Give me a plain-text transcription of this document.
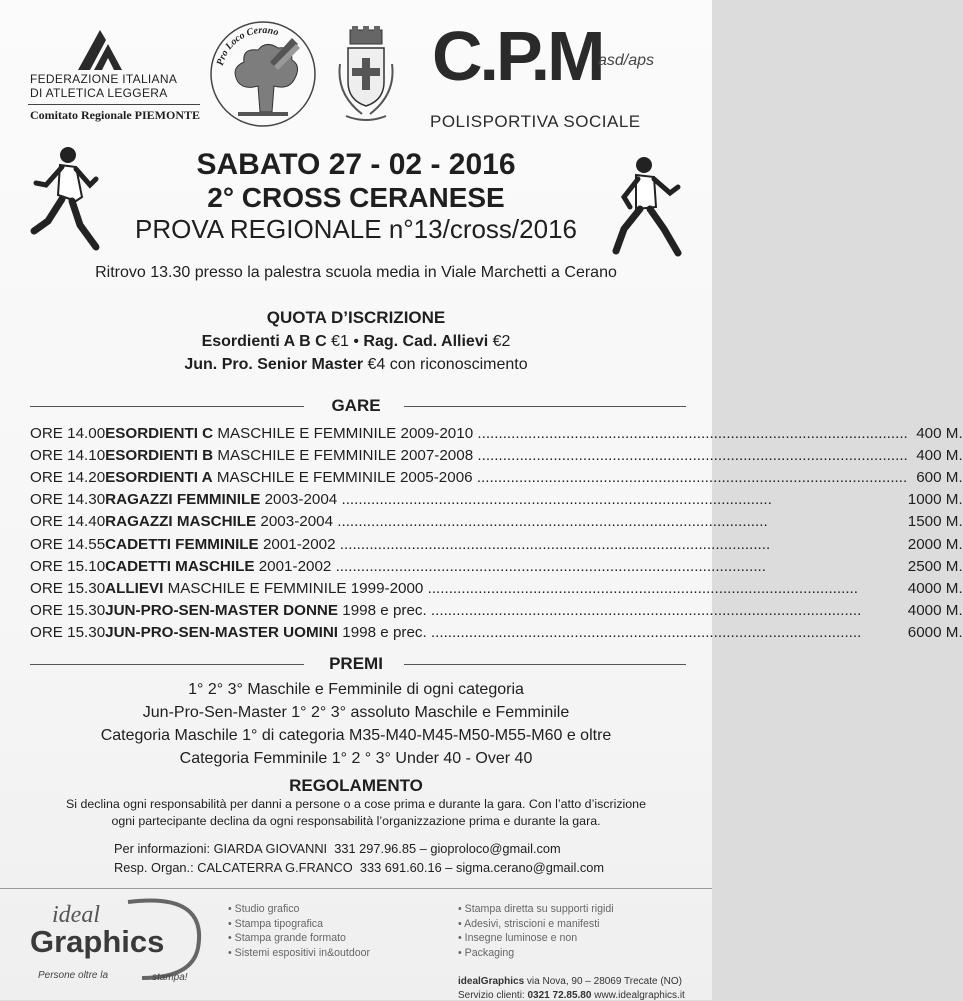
FEDERAZIONE ITALIANA
DI ATLETICA LEGGERA
Comitato Regionale PIEMONTE
Pro Loco Cerano C.P.M
asd/aps
POLISPORTIVA SOCIALE
SABATO 27 - 02 - 2016
2° CROSS CERANESE
PROVA REGIONALE n°13/cross/2016
Ritrovo 13.30 presso la palestra scuola media in Viale Marchetti a Cerano
QUOTA D’ISCRIZIONE
Esordienti A B C €1 • Rag. Cad. Allievi €2
Jun. Pro. Senior Master €4 con riconoscimento
GARE
ORE 14.00	ESORDIENTI C MASCHILE E FEMMINILE 2009-2010 .....	400 M.
ORE 14.10	ESORDIENTI B MASCHILE E FEMMINILE 2007-2008 .....	400 M.
ORE 14.20	ESORDIENTI A MASCHILE E FEMMINILE 2005-2006 .....	600 M.
ORE 14.30	RAGAZZI FEMMINILE 2003-2004 .....	1000 M.
ORE 14.40	RAGAZZI MASCHILE 2003-2004 .....	1500 M.
ORE 14.55	CADETTI FEMMINILE 2001-2002 .....	2000 M.
ORE 15.10	CADETTI MASCHILE 2001-2002 .....	2500 M.
ORE 15.30	ALLIEVI MASCHILE E FEMMINILE 1999-2000 .....	4000 M.
ORE 15.30	JUN-PRO-SEN-MASTER DONNE 1998 e prec. .....	4000 M.
ORE 15.30	JUN-PRO-SEN-MASTER UOMINI 1998 e prec. .....	6000 M.
PREMI
1° 2° 3° Maschile e Femminile di ogni categoria
Jun-Pro-Sen-Master 1° 2° 3° assoluto Maschile e Femminile
Categoria Maschile 1° di categoria M35-M40-M45-M50-M55-M60 e oltre
Categoria Femminile 1° 2 ° 3° Under 40 - Over 40
REGOLAMENTO
Si declina ogni responsabilità per danni a persone o a cose prima e durante la gara. Con l’atto d’iscrizione
ogni partecipante declina da ogni responsabilità l’organizzazione prima e durante la gara.
Per informazioni: GIARDA GIOVANNI 331 297.96.85 – gioproloco@gmail.com
Resp. Organ.: CALCATERRA G.FRANCO 333 691.60.16 – sigma.cerano@gmail.com
ideal
Graphics
Persone oltre la	stampa!
• Studio grafico
• Stampa tipografica
• Stampa grande formato
• Sistemi espositivi in&outdoor
• Stampa diretta su supporti rigidi
• Adesivi, striscioni e manifesti
• Insegne luminose e non
• Packaging
idealGraphics via Nova, 90 – 28069 Trecate (NO)
Servizio clienti: 0321 72.85.80 www.idealgraphics.it
